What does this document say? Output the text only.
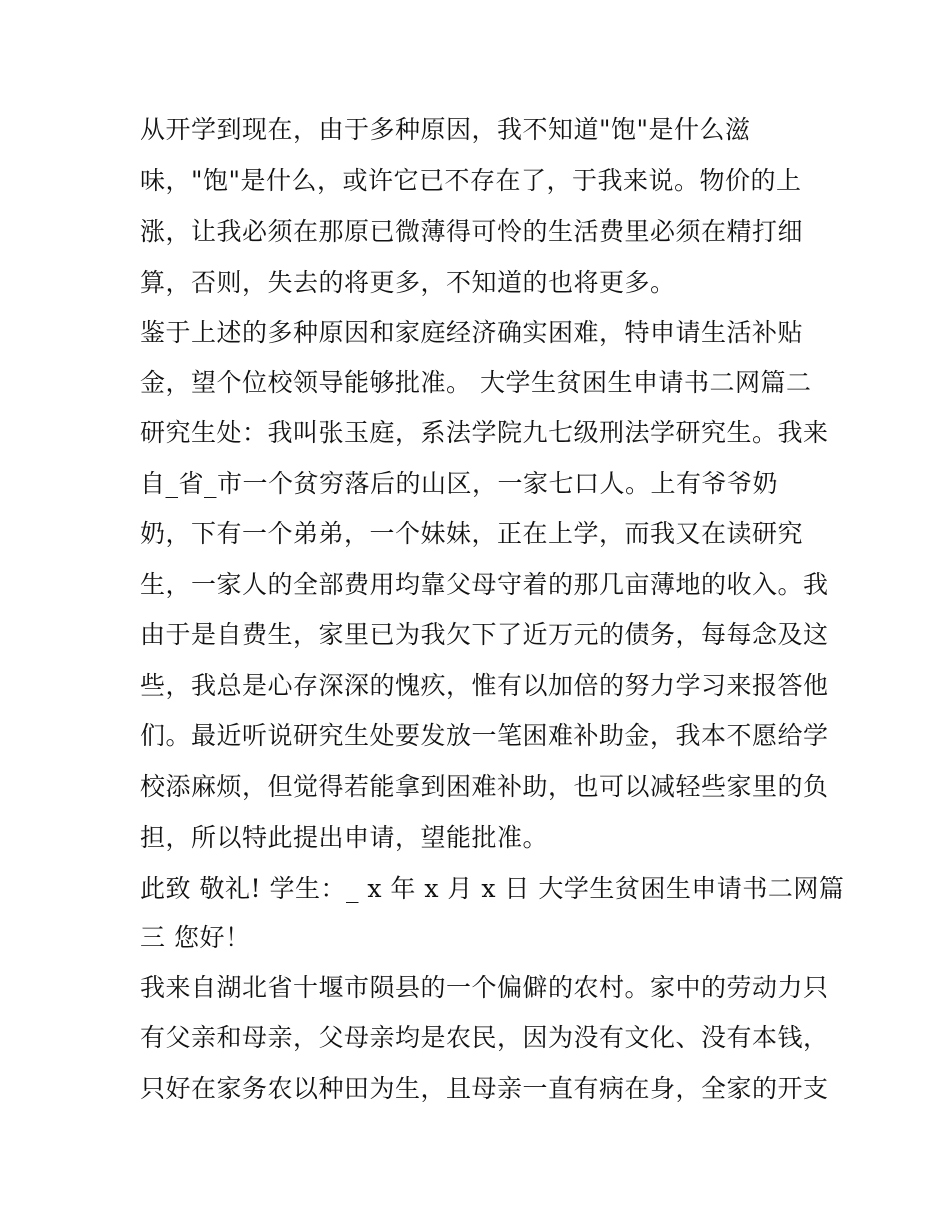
从开学到现在，由于多种原因，我不知道"饱"是什么滋
味，"饱"是什么，或许它已不存在了，于我来说。物价的上
涨，让我必须在那原已微薄得可怜的生活费里必须在精打细
算，否则，失去的将更多，不知道的也将更多。
鉴于上述的多种原因和家庭经济确实困难，特申请生活补贴
金，望个位校领导能够批准。 大学生贫困生申请书二网篇二
研究生处：我叫张玉庭，系法学院九七级刑法学研究生。我来
自_省_市一个贫穷落后的山区，一家七口人。上有爷爷奶
奶，下有一个弟弟，一个妹妹，正在上学，而我又在读研究
生，一家人的全部费用均靠父母守着的那几亩薄地的收入。我
由于是自费生，家里已为我欠下了近万元的债务，每每念及这
些，我总是心存深深的愧疚，惟有以加倍的努力学习来报答他
们。最近听说研究生处要发放一笔困难补助金，我本不愿给学
校添麻烦，但觉得若能拿到困难补助，也可以减轻些家里的负
担，所以特此提出申请，望能批准。
此致 敬礼! 学生：_ x 年 x 月 x 日 大学生贫困生申请书二网篇
三 您好！
我来自湖北省十堰市陨县的一个偏僻的农村。家中的劳动力只
有父亲和母亲，父母亲均是农民，因为没有文化、没有本钱，
只好在家务农以种田为生，且母亲一直有病在身，全家的开支
